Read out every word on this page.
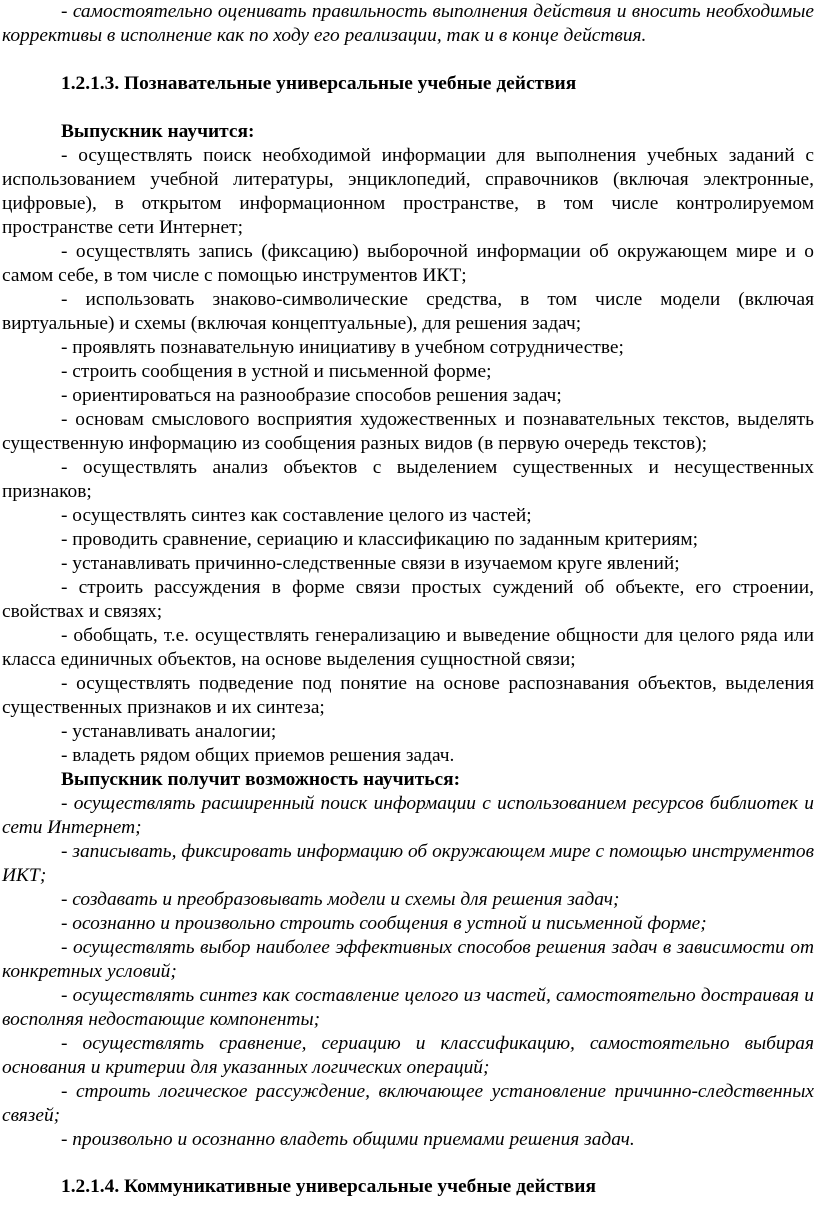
- самостоятельно оценивать правильность выполнения действия и вносить необходимые коррективы в исполнение как по ходу его реализации, так и в конце действия.

1.2.1.3. Познавательные универсальные учебные действия

Выпускник научится:

- осуществлять поиск необходимой информации для выполнения учебных заданий с использованием учебной литературы, энциклопедий, справочников (включая электронные, цифровые), в открытом информационном пространстве, в том числе контролируемом пространстве сети Интернет;

- осуществлять запись (фиксацию) выборочной информации об окружающем мире и о самом себе, в том числе с помощью инструментов ИКТ;

- использовать знаково-символические средства, в том числе модели (включая виртуальные) и схемы (включая концептуальные), для решения задач;

- проявлять познавательную инициативу в учебном сотрудничестве;

- строить сообщения в устной и письменной форме;

- ориентироваться на разнообразие способов решения задач;

- основам смыслового восприятия художественных и познавательных текстов, выделять существенную информацию из сообщения разных видов (в первую очередь текстов);

- осуществлять анализ объектов с выделением существенных и несущественных признаков;

- осуществлять синтез как составление целого из частей;

- проводить сравнение, сериацию и классификацию по заданным критериям;

- устанавливать причинно-следственные связи в изучаемом круге явлений;

- строить рассуждения в форме связи простых суждений об объекте, его строении, свойствах и связях;

- обобщать, т.е. осуществлять генерализацию и выведение общности для целого ряда или класса единичных объектов, на основе выделения сущностной связи;

- осуществлять подведение под понятие на основе распознавания объектов, выделения существенных признаков и их синтеза;

- устанавливать аналогии;

- владеть рядом общих приемов решения задач.

Выпускник получит возможность научиться:

- осуществлять расширенный поиск информации с использованием ресурсов библиотек и сети Интернет;

- записывать, фиксировать информацию об окружающем мире с помощью инструментов ИКТ;

- создавать и преобразовывать модели и схемы для решения задач;

- осознанно и произвольно строить сообщения в устной и письменной форме;

- осуществлять выбор наиболее эффективных способов решения задач в зависимости от конкретных условий;

- осуществлять синтез как составление целого из частей, самостоятельно достраивая и восполняя недостающие компоненты;

- осуществлять сравнение, сериацию и классификацию, самостоятельно выбирая основания и критерии для указанных логических операций;

- строить логическое рассуждение, включающее установление причинно-следственных связей;

- произвольно и осознанно владеть общими приемами решения задач.

1.2.1.4. Коммуникативные универсальные учебные действия
